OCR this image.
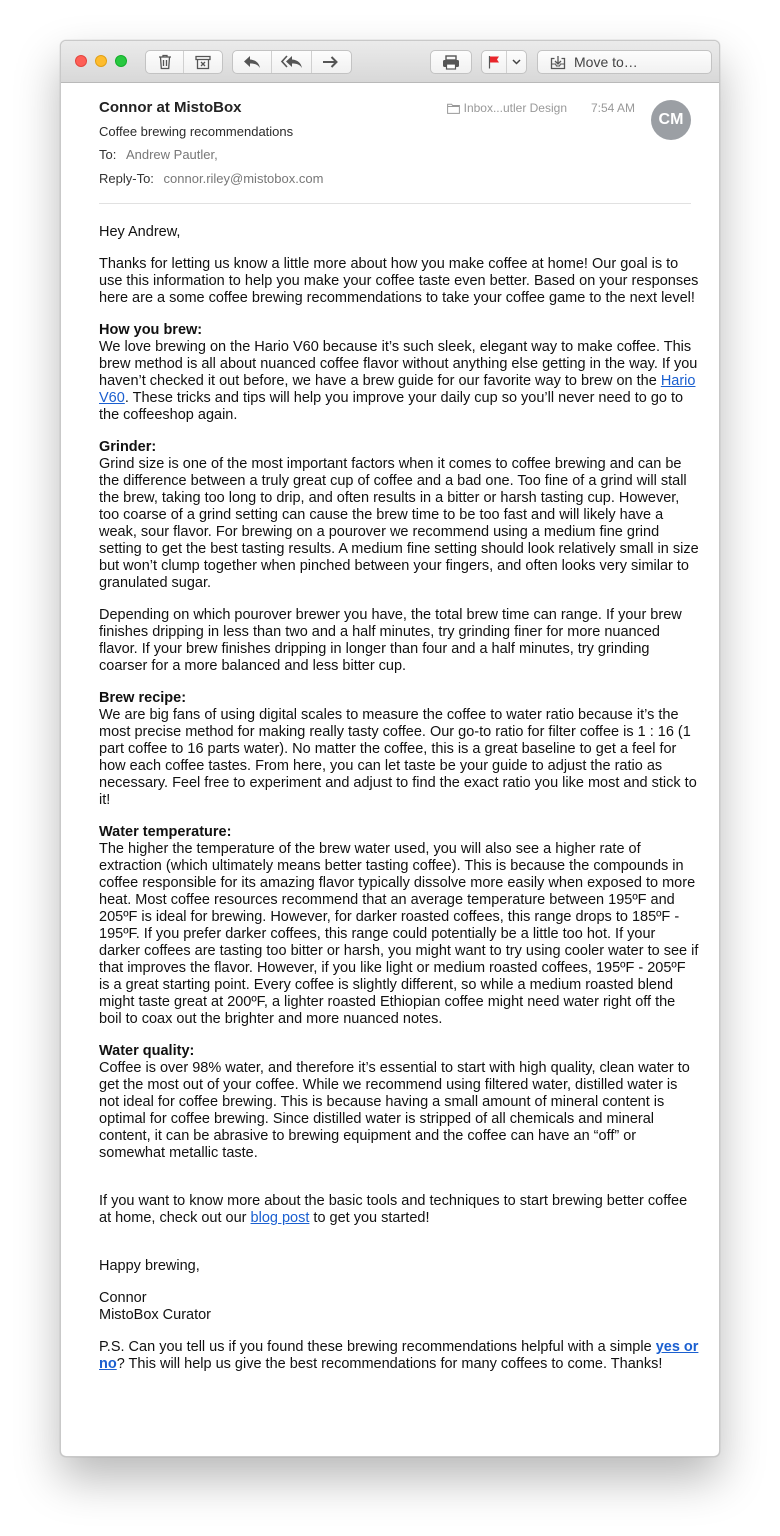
Move to…
Connor at MistoBox
Coffee brewing recommendations
To: Andrew Pautler,
Reply-To: connor.riley@mistobox.com
Inbox...utler Design 7:54 AM
CM

Hey Andrew,

Thanks for letting us know a little more about how you make coffee at home! Our goal is to use this information to help you make your coffee taste even better. Based on your responses here are a some coffee brewing recommendations to take your coffee game to the next level!

How you brew:
We love brewing on the Hario V60 because it’s such sleek, elegant way to make coffee. This brew method is all about nuanced coffee flavor without anything else getting in the way. If you haven’t checked it out before, we have a brew guide for our favorite way to brew on the Hario V60. These tricks and tips will help you improve your daily cup so you’ll never need to go to the coffeeshop again.

Grinder:
Grind size is one of the most important factors when it comes to coffee brewing and can be the difference between a truly great cup of coffee and a bad one. Too fine of a grind will stall the brew, taking too long to drip, and often results in a bitter or harsh tasting cup. However, too coarse of a grind setting can cause the brew time to be too fast and will likely have a weak, sour flavor. For brewing on a pourover we recommend using a medium fine grind setting to get the best tasting results. A medium fine setting should look relatively small in size but won’t clump together when pinched between your fingers, and often looks very similar to granulated sugar.

Depending on which pourover brewer you have, the total brew time can range. If your brew finishes dripping in less than two and a half minutes, try grinding finer for more nuanced flavor. If your brew finishes dripping in longer than four and a half minutes, try grinding coarser for a more balanced and less bitter cup.

Brew recipe:
We are big fans of using digital scales to measure the coffee to water ratio because it’s the most precise method for making really tasty coffee. Our go-to ratio for filter coffee is 1 : 16 (1 part coffee to 16 parts water). No matter the coffee, this is a great baseline to get a feel for how each coffee tastes. From here, you can let taste be your guide to adjust the ratio as necessary. Feel free to experiment and adjust to find the exact ratio you like most and stick to it!

Water temperature:
The higher the temperature of the brew water used, you will also see a higher rate of extraction (which ultimately means better tasting coffee). This is because the compounds in coffee responsible for its amazing flavor typically dissolve more easily when exposed to more heat. Most coffee resources recommend that an average temperature between 195ºF and 205ºF is ideal for brewing. However, for darker roasted coffees, this range drops to 185ºF - 195ºF. If you prefer darker coffees, this range could potentially be a little too hot. If your darker coffees are tasting too bitter or harsh, you might want to try using cooler water to see if that improves the flavor. However, if you like light or medium roasted coffees, 195ºF - 205ºF is a great starting point. Every coffee is slightly different, so while a medium roasted blend might taste great at 200ºF, a lighter roasted Ethiopian coffee might need water right off the boil to coax out the brighter and more nuanced notes.

Water quality:
Coffee is over 98% water, and therefore it’s essential to start with high quality, clean water to get the most out of your coffee. While we recommend using filtered water, distilled water is not ideal for coffee brewing. This is because having a small amount of mineral content is optimal for coffee brewing. Since distilled water is stripped of all chemicals and mineral content, it can be abrasive to brewing equipment and the coffee can have an “off” or somewhat metallic taste.

If you want to know more about the basic tools and techniques to start brewing better coffee at home, check out our blog post to get you started!

Happy brewing,

Connor
MistoBox Curator

P.S. Can you tell us if you found these brewing recommendations helpful with a simple yes or no? This will help us give the best recommendations for many coffees to come. Thanks!
